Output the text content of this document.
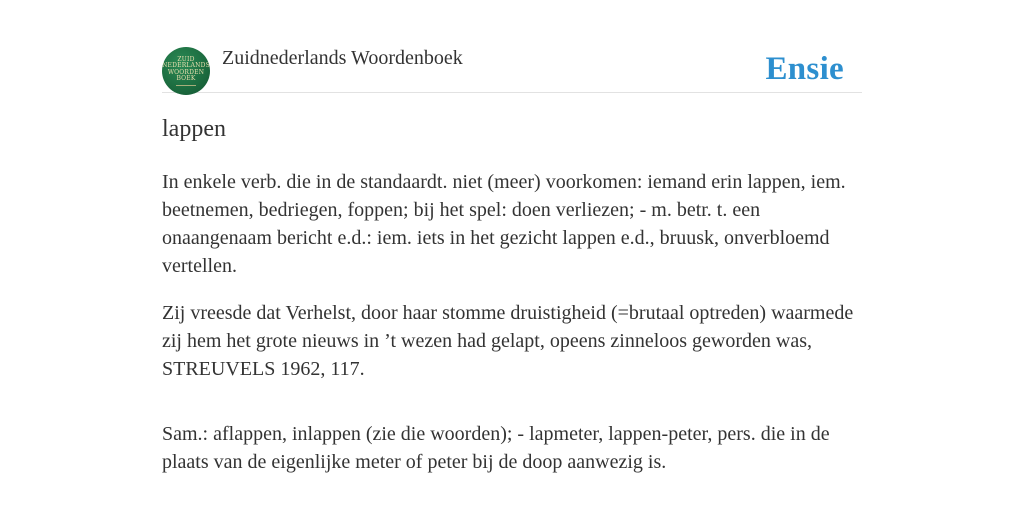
ZUID
NEDERLANDS
WOORDEN
BOEK
Zuidnederlands Woordenboek	Ensie
lappen

In enkele verb. die in de standaardt. niet (meer) voorkomen: iemand erin lappen, iem. beetnemen, bedriegen, foppen; bij het spel: doen verliezen; - m. betr. t. een onaangenaam bericht e.d.: iem. iets in het gezicht lappen e.d., bruusk, onverbloemd vertellen.

Zij vreesde dat Verhelst, door haar stomme druistigheid (=brutaal optreden) waarmede zij hem het grote nieuws in ’t wezen had gelapt, opeens zinneloos geworden was, STREUVELS 1962, 117.

Sam.: aflappen, inlappen (zie die woorden); - lapmeter, lappen-peter, pers. die in de plaats van de eigenlijke meter of peter bij de doop aanwezig is.
